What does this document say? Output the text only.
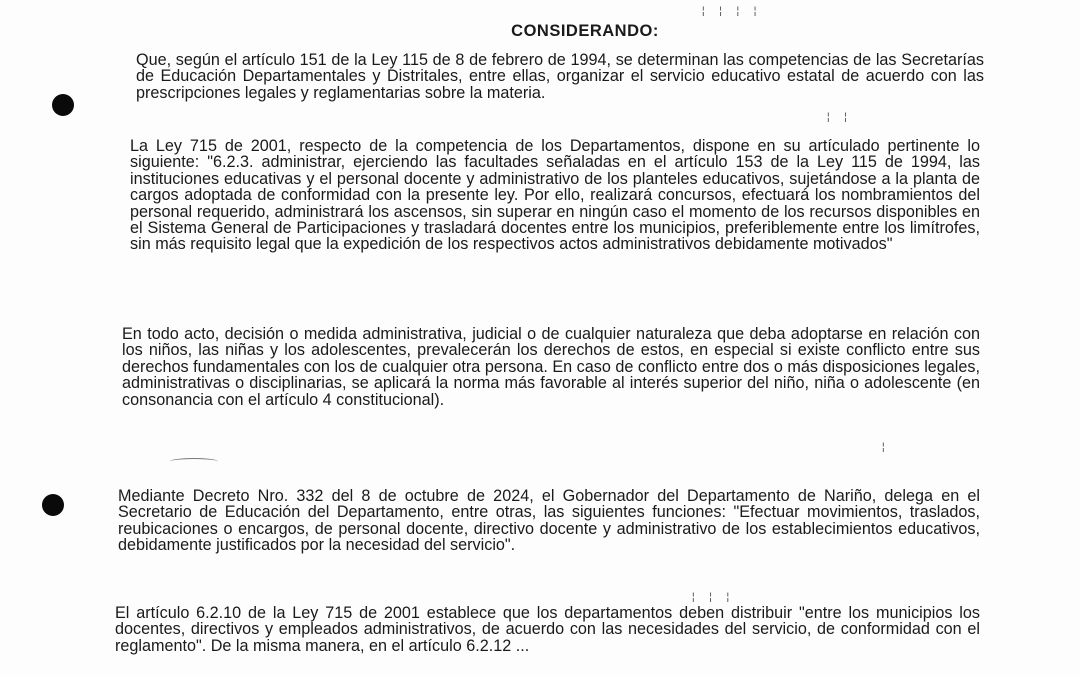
¦ ¦ ¦ ¦
¦ ¦
¦
¦ ¦ ¦
CONSIDERANDO:

Que, según el artículo 151 de la Ley 115 de 8 de febrero de 1994, se determinan las competencias de las Secretarías de Educación Departamentales y Distritales, entre ellas, organizar el servicio educativo estatal de acuerdo con las prescripciones legales y reglamentarias sobre la materia.

La Ley 715 de 2001, respecto de la competencia de los Departamentos, dispone en su artículado pertinente lo siguiente: "6.2.3. administrar, ejerciendo las facultades señaladas en el artículo 153 de la Ley 115 de 1994, las instituciones educativas y el personal docente y administrativo de los planteles educativos, sujetándose a la planta de cargos adoptada de conformidad con la presente ley. Por ello, realizará concursos, efectuará los nombramientos del personal requerido, administrará los ascensos, sin superar en ningún caso el momento de los recursos disponibles en el Sistema General de Participaciones y trasladará docentes entre los municipios, preferiblemente entre los limítrofes, sin más requisito legal que la expedición de los respectivos actos administrativos debidamente motivados"

En todo acto, decisión o medida administrativa, judicial o de cualquier naturaleza que deba adoptarse en relación con los niños, las niñas y los adolescentes, prevalecerán los derechos de estos, en especial si existe conflicto entre sus derechos fundamentales con los de cualquier otra persona. En caso de conflicto entre dos o más disposiciones legales, administrativas o disciplinarias, se aplicará la norma más favorable al interés superior del niño, niña o adolescente (en consonancia con el artículo 4 constitucional).

Mediante Decreto Nro. 332 del 8 de octubre de 2024, el Gobernador del Departamento de Nariño, delega en el Secretario de Educación del Departamento, entre otras, las siguientes funciones: "Efectuar movimientos, traslados, reubicaciones o encargos, de personal docente, directivo docente y administrativo de los establecimientos educativos, debidamente justificados por la necesidad del servicio".

El artículo 6.2.10 de la Ley 715 de 2001 establece que los departamentos deben distribuir "entre los municipios los docentes, directivos y empleados administrativos, de acuerdo con las necesidades del servicio, de conformidad con el reglamento". De la misma manera, en el artículo 6.2.12 ...
